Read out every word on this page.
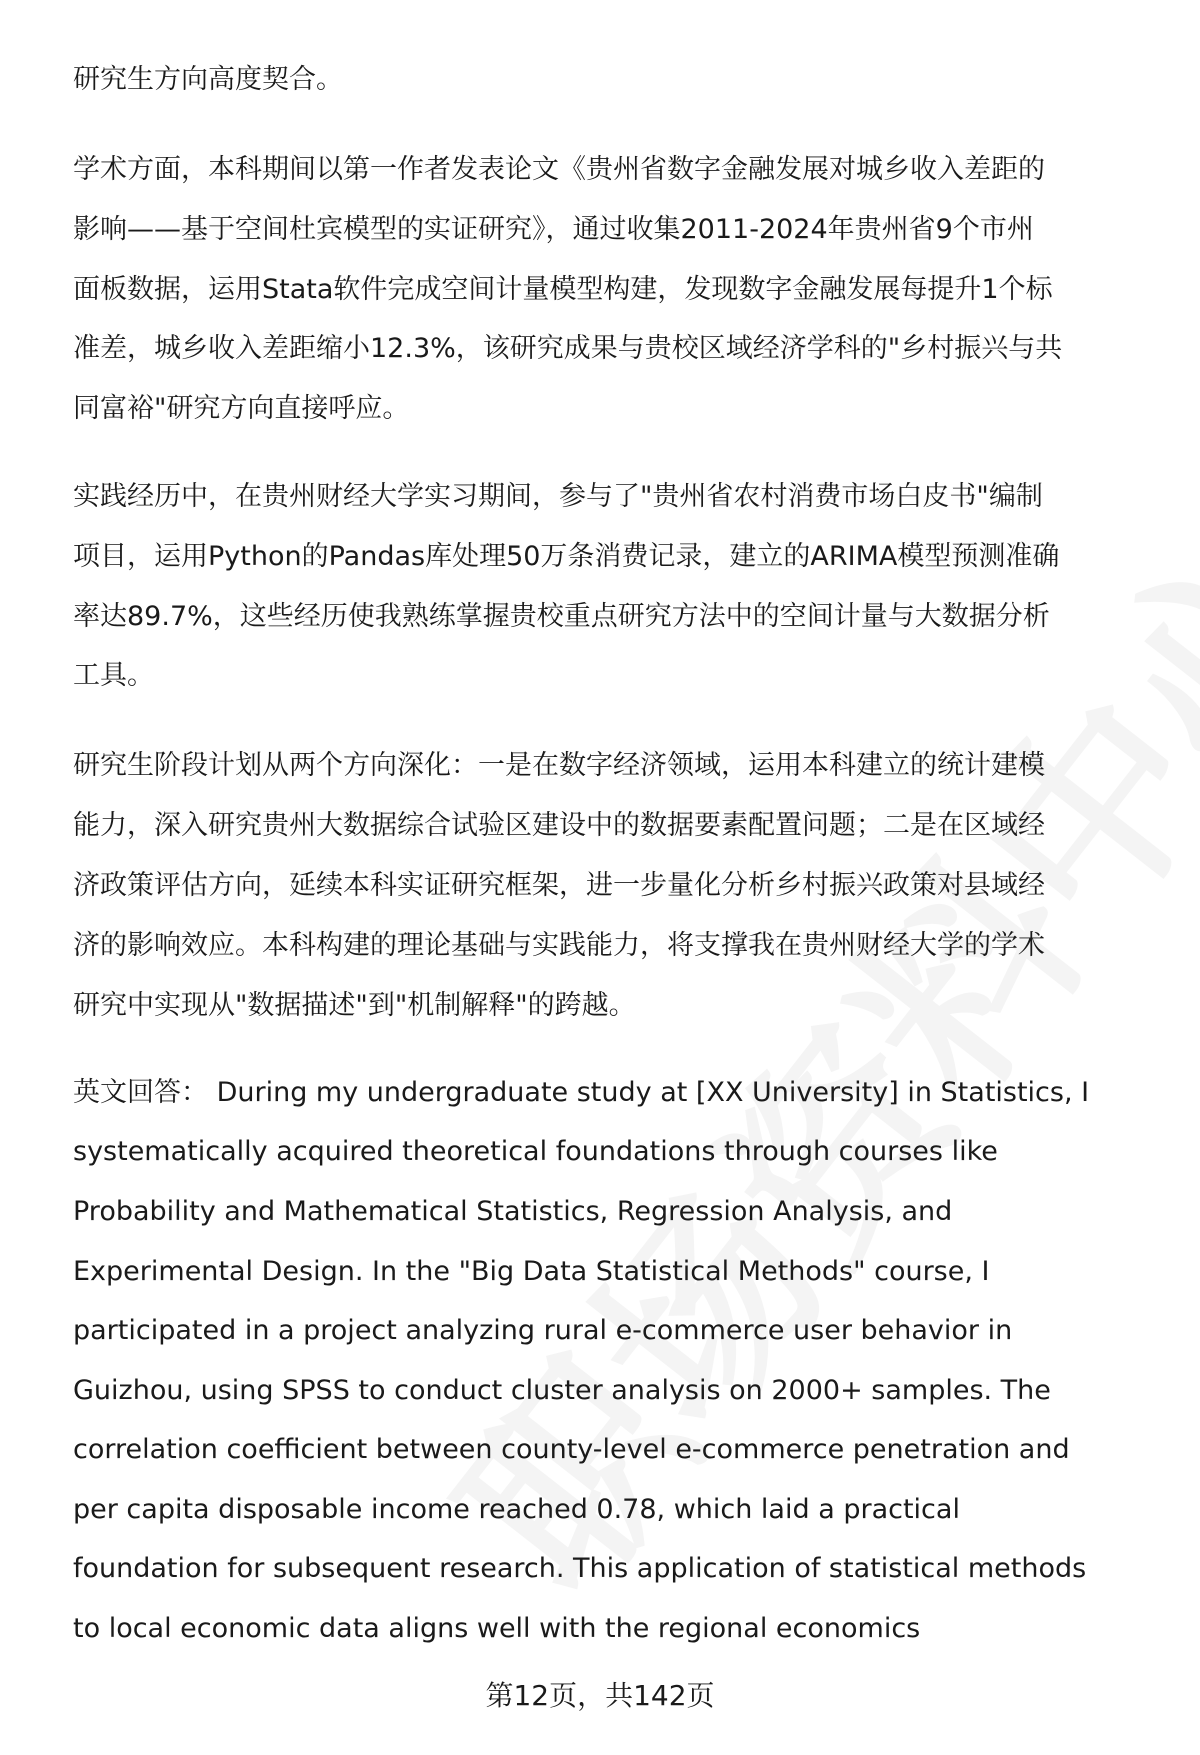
研究生方向高度契合。
学术方面，本科期间以第一作者发表论文《贵州省数字金融发展对城乡收入差距的
影响——基于空间杜宾模型的实证研究》，通过收集2011-2024年贵州省9个市州
面板数据，运用Stata软件完成空间计量模型构建，发现数字金融发展每提升1个标
准差，城乡收入差距缩小12.3%，该研究成果与贵校区域经济学科的"乡村振兴与共
同富裕"研究方向直接呼应。
实践经历中，在贵州财经大学实习期间，参与了"贵州省农村消费市场白皮书"编制
项目，运用Python的Pandas库处理50万条消费记录，建立的ARIMA模型预测准确
率达89.7%，这些经历使我熟练掌握贵校重点研究方法中的空间计量与大数据分析
工具。
研究生阶段计划从两个方向深化：一是在数字经济领域，运用本科建立的统计建模
能力，深入研究贵州大数据综合试验区建设中的数据要素配置问题；二是在区域经
济政策评估方向，延续本科实证研究框架，进一步量化分析乡村振兴政策对县域经
济的影响效应。本科构建的理论基础与实践能力，将支撑我在贵州财经大学的学术
研究中实现从"数据描述"到"机制解释"的跨越。
英文回答： During my undergraduate study at [XX University] in Statistics, I
systematically acquired theoretical foundations through courses like
Probability and Mathematical Statistics, Regression Analysis, and
Experimental Design. In the "Big Data Statistical Methods" course, I
participated in a project analyzing rural e-commerce user behavior in
Guizhou, using SPSS to conduct cluster analysis on 2000+ samples. The
correlation coefficient between county-level e-commerce penetration and
per capita disposable income reached 0.78, which laid a practical
foundation for subsequent research. This application of statistical methods
to local economic data aligns well with the regional economics
第12页，共142页
